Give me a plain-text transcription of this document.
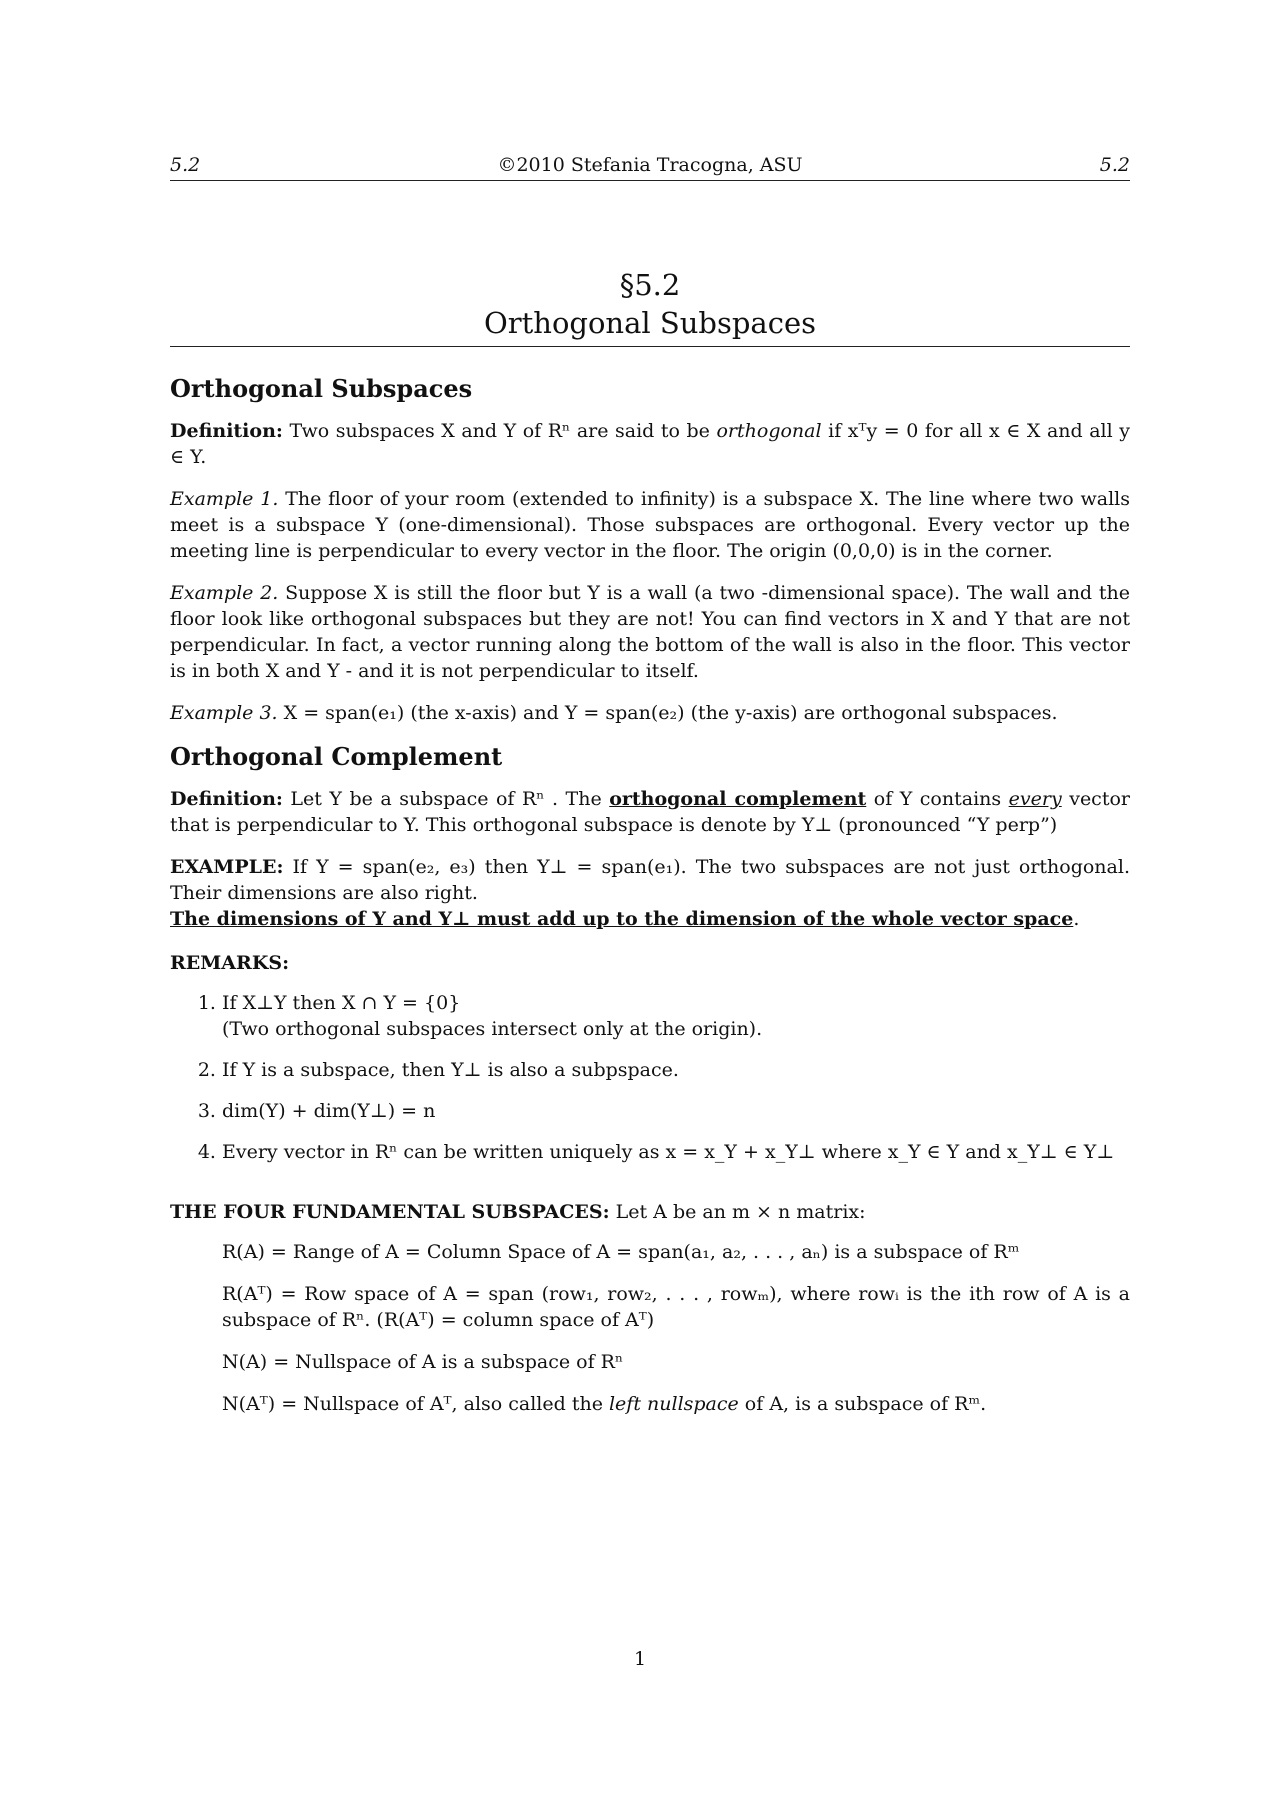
5.2	©2010 Stefania Tracogna, ASU	5.2
§5.2
Orthogonal Subspaces
Orthogonal Subspaces

Definition: Two subspaces X and Y of Rⁿ are said to be orthogonal if xᵀy = 0 for all x ∈ X and all y ∈ Y.

Example 1. The floor of your room (extended to infinity) is a subspace X. The line where two walls meet is a subspace Y (one-dimensional). Those subspaces are orthogonal. Every vector up the meeting line is perpendicular to every vector in the floor. The origin (0,0,0) is in the corner.

Example 2. Suppose X is still the floor but Y is a wall (a two -dimensional space). The wall and the floor look like orthogonal subspaces but they are not! You can find vectors in X and Y that are not perpendicular. In fact, a vector running along the bottom of the wall is also in the floor. This vector is in both X and Y - and it is not perpendicular to itself.

Example 3. X = span(e₁) (the x-axis) and Y = span(e₂) (the y-axis) are orthogonal subspaces.

Orthogonal Complement

Definition: Let Y be a subspace of Rⁿ . The orthogonal complement of Y contains every vector that is perpendicular to Y. This orthogonal subspace is denote by Y⊥ (pronounced “Y perp”)

EXAMPLE: If Y = span(e₂, e₃) then Y⊥ = span(e₁). The two subspaces are not just orthogonal. Their dimensions are also right.
The dimensions of Y and Y⊥ must add up to the dimension of the whole vector space.

REMARKS:
1. If X⊥Y then X ∩ Y = {0}
(Two orthogonal subspaces intersect only at the origin).
2. If Y is a subspace, then Y⊥ is also a subpspace.
3. dim(Y) + dim(Y⊥) = n
4. Every vector in Rⁿ can be written uniquely as x = x_Y + x_Y⊥ where x_Y ∈ Y and x_Y⊥ ∈ Y⊥

THE FOUR FUNDAMENTAL SUBSPACES: Let A be an m × n matrix:

R(A) = Range of A = Column Space of A = span(a₁, a₂, . . . , aₙ) is a subspace of Rᵐ

R(Aᵀ) = Row space of A = span (row₁, row₂, . . . , rowₘ), where rowᵢ is the ith row of A is a subspace of Rⁿ. (R(Aᵀ) = column space of Aᵀ)

N(A) = Nullspace of A is a subspace of Rⁿ

N(Aᵀ) = Nullspace of Aᵀ, also called the left nullspace of A, is a subspace of Rᵐ.

1
